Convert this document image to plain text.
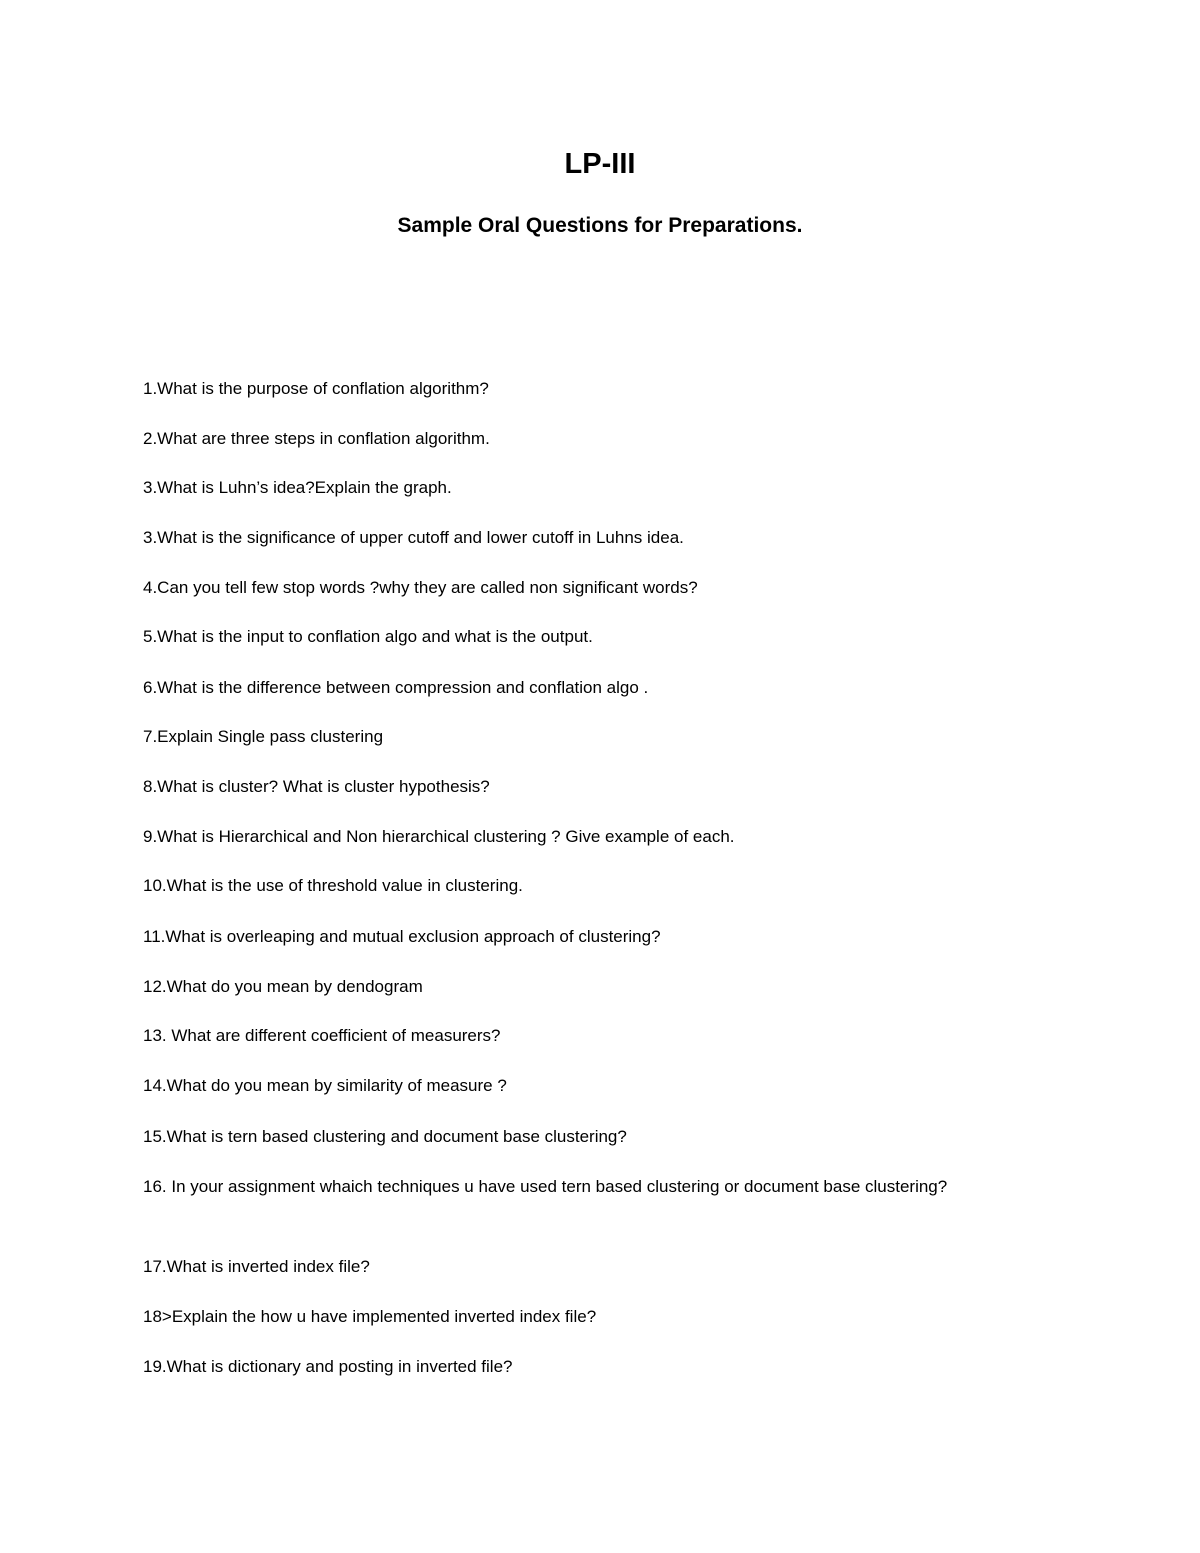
LP-III
Sample Oral Questions for Preparations.
1.What is the purpose of conflation algorithm?
2.What are three steps in conflation algorithm.
3.What is Luhn’s idea?Explain the graph.
3.What is the significance of upper cutoff and lower cutoff in Luhns idea.
4.Can you tell few stop words ?why they are called non significant words?
5.What is the input to conflation algo and what is the output.
6.What is the difference between compression and conflation algo .
7.Explain Single pass clustering
8.What is cluster? What is cluster hypothesis?
9.What is Hierarchical and Non hierarchical clustering ? Give example of each.
10.What is the use of threshold value in clustering.
11.What is overleaping and mutual exclusion approach of clustering?
12.What do you mean by dendogram
13. What are different coefficient of measurers?
14.What do you mean by similarity of measure ?
15.What is tern based clustering and document base clustering?
16. In your assignment whaich techniques u have used tern based clustering or document base clustering?
17.What is inverted index file?
18>Explain the how u have implemented inverted index file?
19.What is dictionary and posting in inverted file?
